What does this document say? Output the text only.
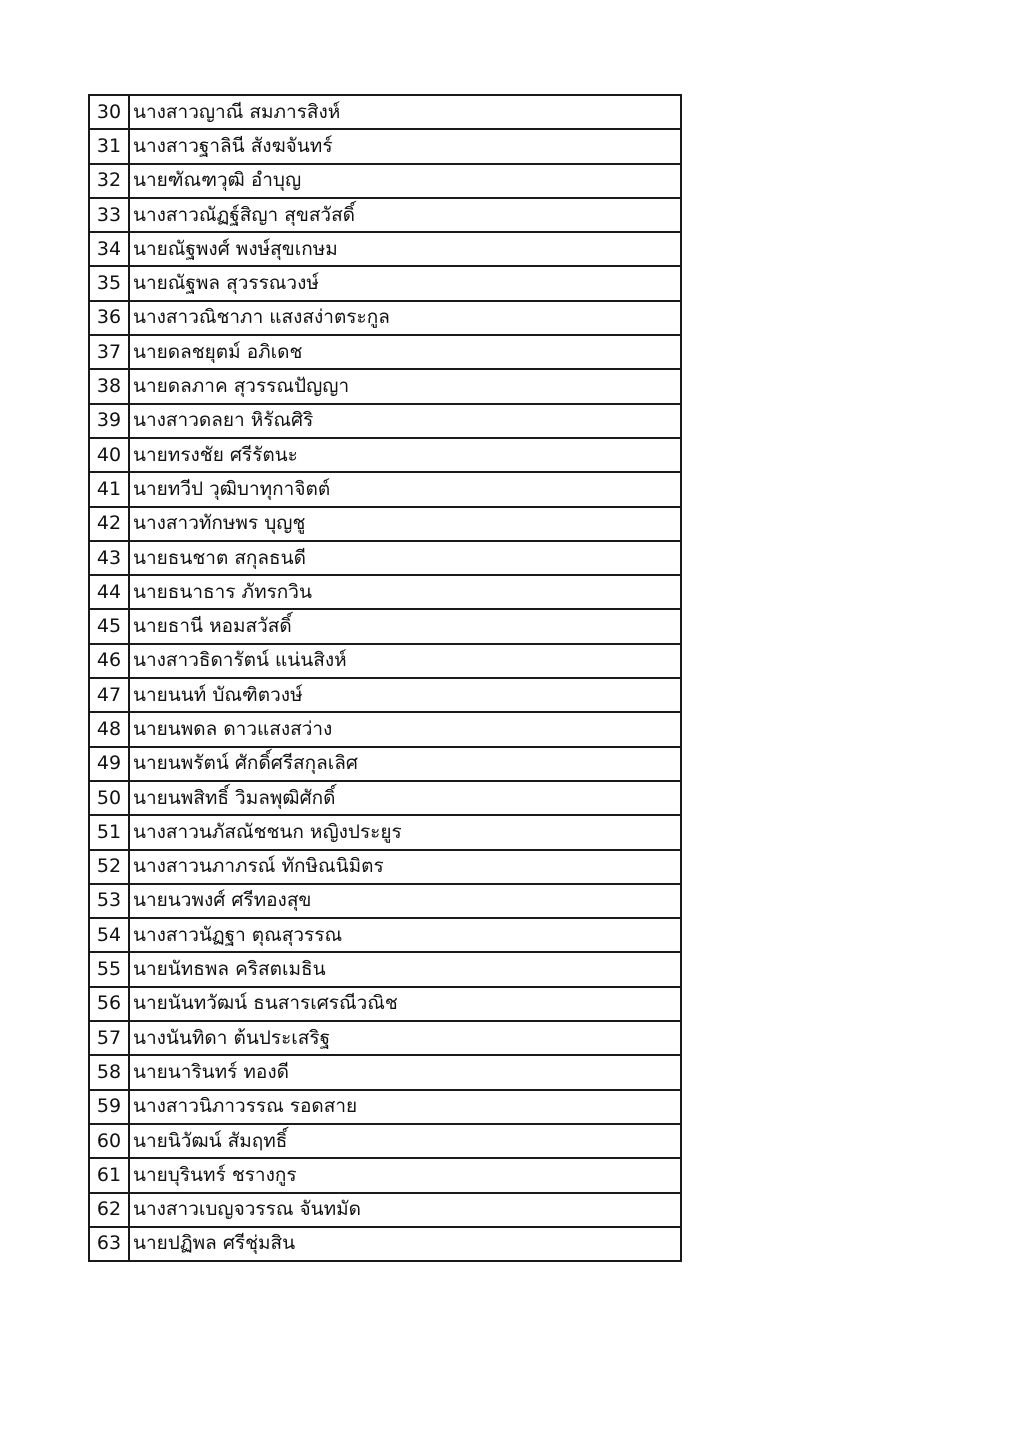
30	นางสาวญาณี สมภารสิงห์
31	นางสาวฐาลินี สังฆจันทร์
32	นายฑัณฑวุฒิ อำบุญ
33	นางสาวณัฏฐ์สิญา สุขสวัสดิ์
34	นายณัฐพงศ์ พงษ์สุขเกษม
35	นายณัฐพล สุวรรณวงษ์
36	นางสาวณิชาภา แสงสง่าตระกูล
37	นายดลชยุตม์ อภิเดช
38	นายดลภาค สุวรรณปัญญา
39	นางสาวดลยา หิรัณศิริ
40	นายทรงชัย ศรีรัตนะ
41	นายทวีป วุฒิบาทุกาจิตต์
42	นางสาวทักษพร บุญชู
43	นายธนชาต สกุลธนดี
44	นายธนาธาร ภัทรกวิน
45	นายธานี หอมสวัสดิ์
46	นางสาวธิดารัตน์ แน่นสิงห์
47	นายนนท์ บัณฑิตวงษ์
48	นายนพดล ดาวแสงสว่าง
49	นายนพรัตน์ ศักดิ์ศรีสกุลเลิศ
50	นายนพสิทธิ์ วิมลพุฒิศักดิ์
51	นางสาวนภัสณัชชนก หญิงประยูร
52	นางสาวนภาภรณ์ ทักษิณนิมิตร
53	นายนวพงศ์ ศรีทองสุข
54	นางสาวนัฏฐา ตุณสุวรรณ
55	นายนัทธพล คริสตเมธิน
56	นายนันทวัฒน์ ธนสารเศรณีวณิช
57	นางนันทิดา ต้นประเสริฐ
58	นายนารินทร์ ทองดี
59	นางสาวนิภาวรรณ รอดสาย
60	นายนิวัฒน์ สัมฤทธิ์
61	นายบุรินทร์ ชรางกูร
62	นางสาวเบญจวรรณ จันทมัด
63	นายปฏิพล ศรีชุ่มสิน
